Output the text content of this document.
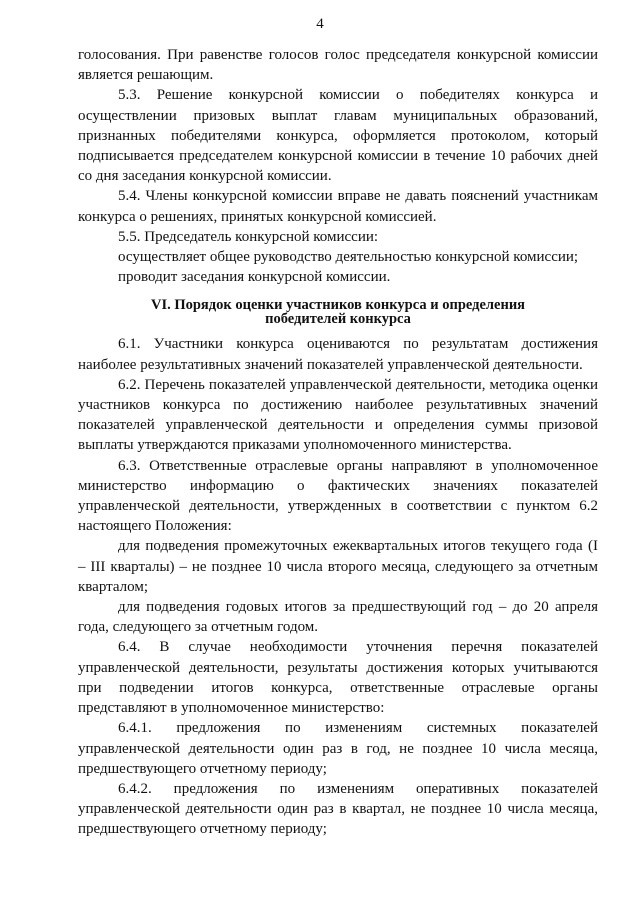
4

голосования. При равенстве голосов голос председателя конкурсной комиссии является решающим.

5.3. Решение конкурсной комиссии о победителях конкурса и осуществлении призовых выплат главам муниципальных образований, признанных победителями конкурса, оформляется протоколом, который подписывается председателем конкурсной комиссии в течение 10 рабочих дней со дня заседания конкурсной комиссии.

5.4. Члены конкурсной комиссии вправе не давать пояснений участникам конкурса о решениях, принятых конкурсной комиссией.

5.5. Председатель конкурсной комиссии:

осуществляет общее руководство деятельностью конкурсной комиссии;

проводит заседания конкурсной комиссии.

VI. Порядок оценки участников конкурса и определения
победителей конкурса

6.1. Участники конкурса оцениваются по результатам достижения наиболее результативных значений показателей управленческой деятельности.

6.2. Перечень показателей управленческой деятельности, методика оценки участников конкурса по достижению наиболее результативных значений показателей управленческой деятельности и определения суммы призовой выплаты утверждаются приказами уполномоченного министерства.

6.3. Ответственные отраслевые органы направляют в уполномоченное министерство информацию о фактических значениях показателей управленческой деятельности, утвержденных в соответствии с пунктом 6.2 настоящего Положения:

для подведения промежуточных ежеквартальных итогов текущего года (I – III кварталы) – не позднее 10 числа второго месяца, следующего за отчетным кварталом;

для подведения годовых итогов за предшествующий год – до 20 апреля года, следующего за отчетным годом.

6.4. В случае необходимости уточнения перечня показателей управленческой деятельности, результаты достижения которых учитываются при подведении итогов конкурса, ответственные отраслевые органы представляют в уполномоченное министерство:

6.4.1. предложения по изменениям системных показателей управленческой деятельности один раз в год, не позднее 10 числа месяца, предшествующего отчетному периоду;

6.4.2. предложения по изменениям оперативных показателей управленческой деятельности один раз в квартал, не позднее 10 числа месяца, предшествующего отчетному периоду;
